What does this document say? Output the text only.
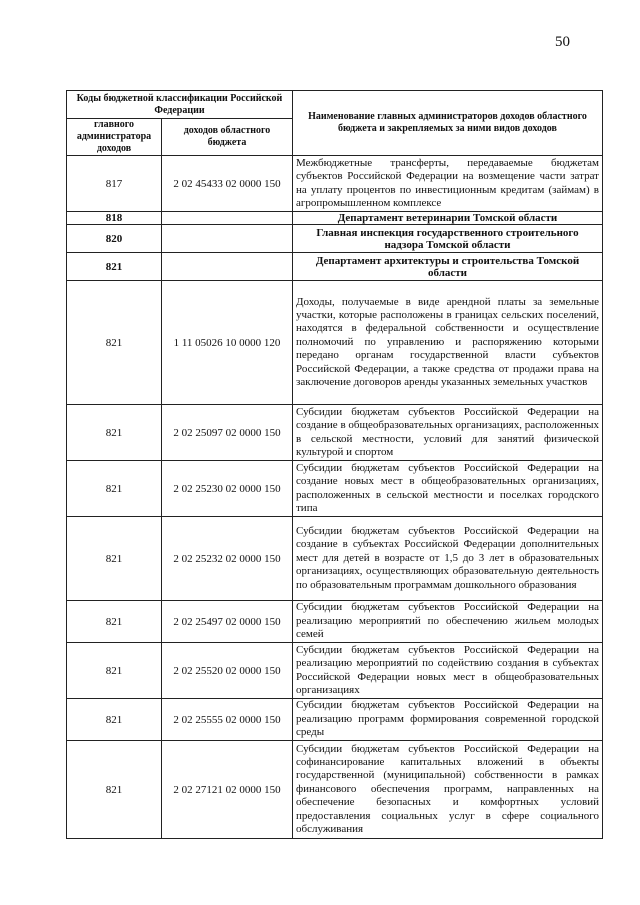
50
Коды бюджетной классификации Российской Федерации		Наименование главных администраторов доходов областного бюджета и закрепляемых за ними видов доходов
главного администратора доходов	доходов областного бюджета	
817	2 02 45433 02 0000 150	Межбюджетные трансферты, передаваемые бюджетам субъектов Российской Федерации на возмещение части затрат на уплату процентов по инвестиционным кредитам (займам) в агропромышленном комплексе
818		Департамент ветеринарии Томской области
820		Главная инспекция государственного строительного надзора Томской области
821		Департамент архитектуры и строительства Томской области
821	1 11 05026 10 0000 120	Доходы, получаемые в виде арендной платы за земельные участки, которые расположены в границах сельских поселений, находятся в федеральной собственности и осуществление полномочий по управлению и распоряжению которыми передано органам государственной власти субъектов Российской Федерации, а также средства от продажи права на заключение договоров аренды указанных земельных участков
821	2 02 25097 02 0000 150	Субсидии бюджетам субъектов Российской Федерации на создание в общеобразовательных организациях, расположенных в сельской местности, условий для занятий физической культурой и спортом
821	2 02 25230 02 0000 150	Субсидии бюджетам субъектов Российской Федерации на создание новых мест в общеобразовательных организациях, расположенных в сельской местности и поселках городского типа
821	2 02 25232 02 0000 150	Субсидии бюджетам субъектов Российской Федерации на создание в субъектах Российской Федерации дополнительных мест для детей в возрасте от 1,5 до 3 лет в образовательных организациях, осуществляющих образовательную деятельность по образовательным программам дошкольного образования
821	2 02 25497 02 0000 150	Субсидии бюджетам субъектов Российской Федерации на реализацию мероприятий по обеспечению жильем молодых семей
821	2 02 25520 02 0000 150	Субсидии бюджетам субъектов Российской Федерации на реализацию мероприятий по содействию создания в субъектах Российской Федерации новых мест в общеобразовательных организациях
821	2 02 25555 02 0000 150	Субсидии бюджетам субъектов Российской Федерации на реализацию программ формирования современной городской среды
821	2 02 27121 02 0000 150	Субсидии бюджетам субъектов Российской Федерации на софинансирование капитальных вложений в объекты государственной (муниципальной) собственности в рамках финансового обеспечения программ, направленных на обеспечение безопасных и комфортных условий предоставления социальных услуг в сфере социального обслуживания
